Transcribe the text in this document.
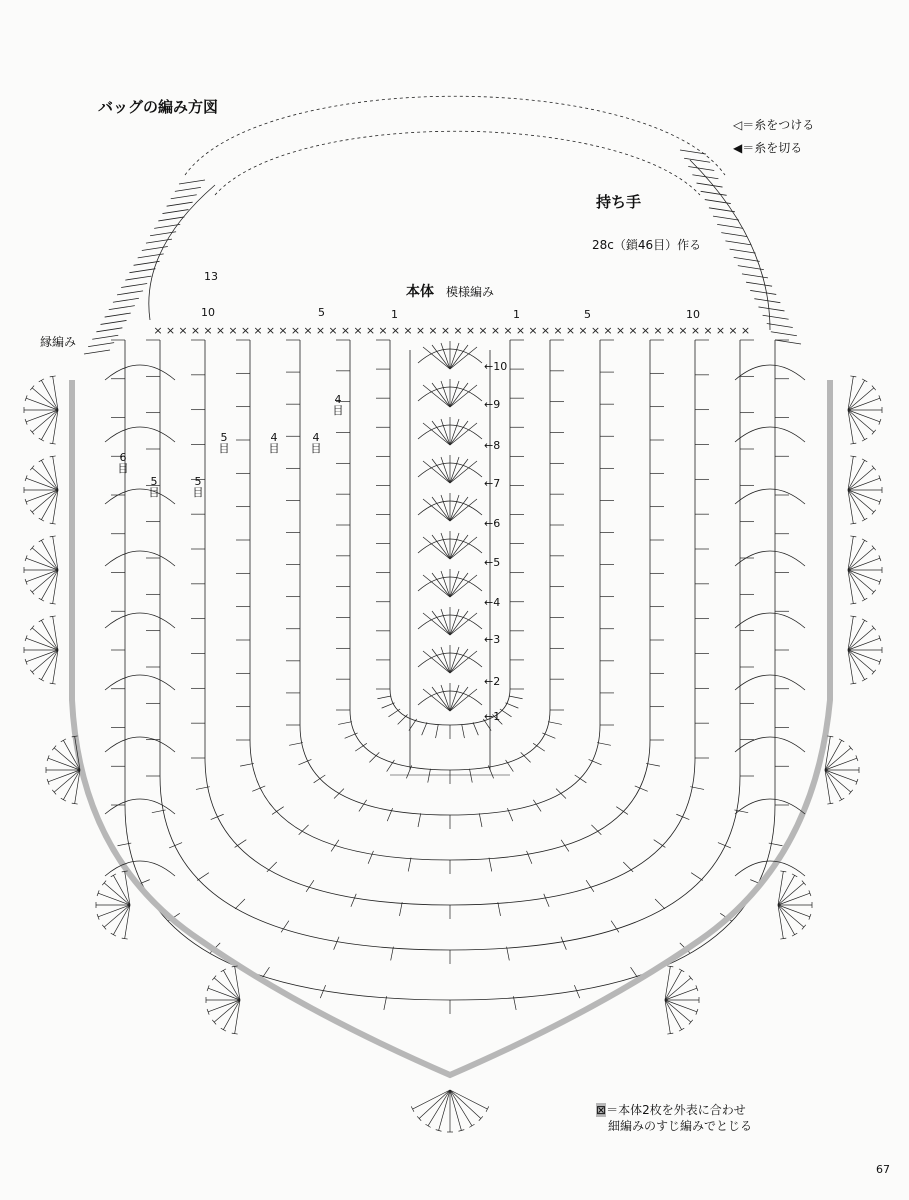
× × × × × × × × × × × × × × × × × × × × × × × × × × × × × × × × × × × × × × × × × × × × × × × ×
バッグの編み方図
◁＝糸をつける
◀＝糸を切る
持ち手
28c（鎖46目）作る
本体 模様編み
縁編み
13
10	5	1	1	5	10
5目
4目
4目
4目
5目
5目
6目
←1
←2
←3
←4
←5
←6
←7
←8
←9
←10
⊠＝本体2枚を外表に合わせ
細編みのすじ編みでとじる
67
